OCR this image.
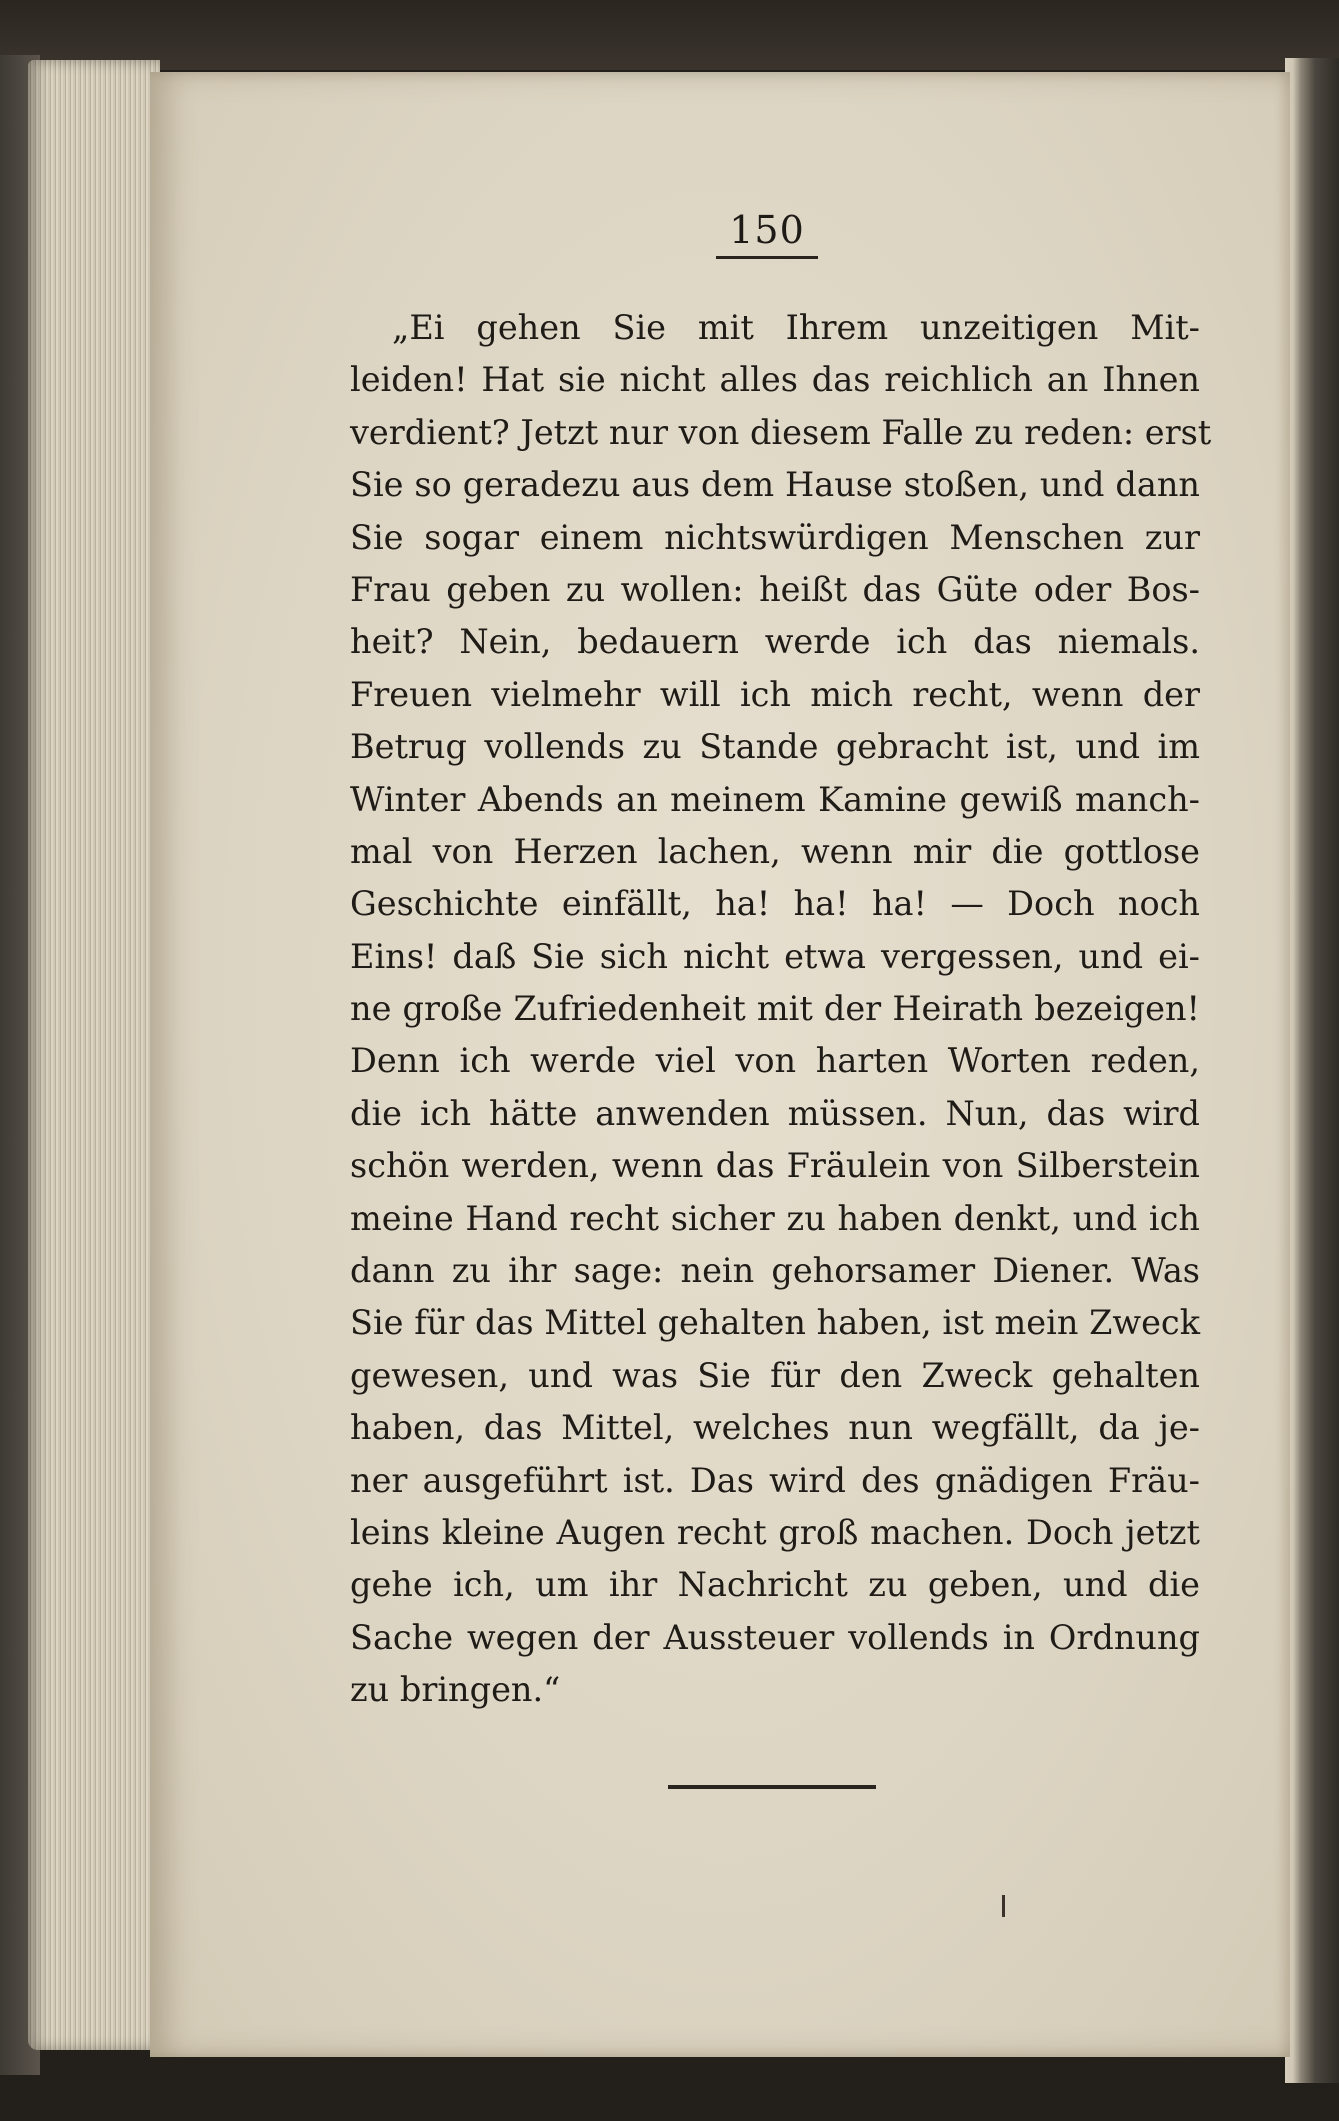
150
„Ei gehen Sie mit Ihrem unzeitigen Mit-
leiden! Hat sie nicht alles das reichlich an Ihnen
verdient? Jetzt nur von diesem Falle zu reden: erst
Sie so geradezu aus dem Hause stoßen, und dann
Sie sogar einem nichtswürdigen Menschen zur
Frau geben zu wollen: heißt das Güte oder Bos-
heit? Nein, bedauern werde ich das niemals.
Freuen vielmehr will ich mich recht, wenn der
Betrug vollends zu Stande gebracht ist, und im
Winter Abends an meinem Kamine gewiß manch-
mal von Herzen lachen, wenn mir die gottlose
Geschichte einfällt, ha! ha! ha! — Doch noch
Eins! daß Sie sich nicht etwa vergessen, und ei-
ne große Zufriedenheit mit der Heirath bezeigen!
Denn ich werde viel von harten Worten reden,
die ich hätte anwenden müssen. Nun, das wird
schön werden, wenn das Fräulein von Silberstein
meine Hand recht sicher zu haben denkt, und ich
dann zu ihr sage: nein gehorsamer Diener. Was
Sie für das Mittel gehalten haben, ist mein Zweck
gewesen, und was Sie für den Zweck gehalten
haben, das Mittel, welches nun wegfällt, da je-
ner ausgeführt ist. Das wird des gnädigen Fräu-
leins kleine Augen recht groß machen. Doch jetzt
gehe ich, um ihr Nachricht zu geben, und die
Sache wegen der Aussteuer vollends in Ordnung
zu bringen.“
